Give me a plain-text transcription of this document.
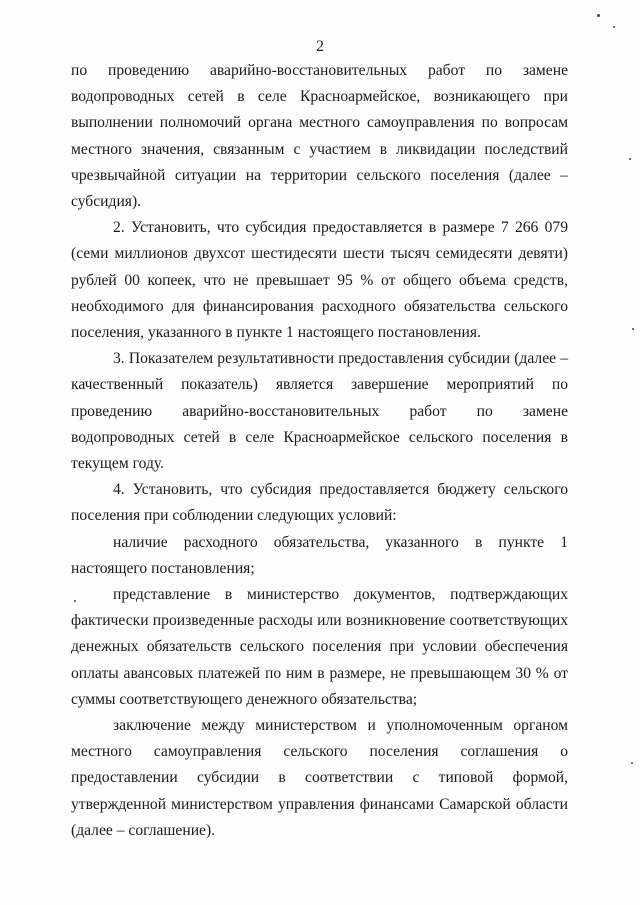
2

по проведению аварийно-восстановительных работ по замене водопроводных сетей в селе Красноармейское, возникающего при выполнении полномочий органа местного самоуправления по вопросам местного значения, связанным с участием в ликвидации последствий чрезвычайной ситуации на территории сельского поселения (далее – субсидия).

2. Установить, что субсидия предоставляется в размере 7 266 079 (семи миллионов двухсот шестидесяти шести тысяч семидесяти девяти) рублей 00 копеек, что не превышает 95 % от общего объема средств, необходимого для финансирования расходного обязательства сельского поселения, указанного в пункте 1 настоящего постановления.

3. Показателем результативности предоставления субсидии (далее – качественный показатель) является завершение мероприятий по проведению аварийно-восстановительных работ по замене водопроводных сетей в селе Красноармейское сельского поселения в текущем году.

4. Установить, что субсидия предоставляется бюджету сельского поселения при соблюдении следующих условий:

наличие расходного обязательства, указанного в пункте 1 настоящего постановления;

представление в министерство документов, подтверждающих фактически произведенные расходы или возникновение соответствующих денежных обязательств сельского поселения при условии обеспечения оплаты авансовых платежей по ним в размере, не превышающем 30 % от суммы соответствующего денежного обязательства;

заключение между министерством и уполномоченным органом местного самоуправления сельского поселения соглашения о предоставлении субсидии в соответствии с типовой формой, утвержденной министерством управления финансами Самарской области (далее – соглашение).
